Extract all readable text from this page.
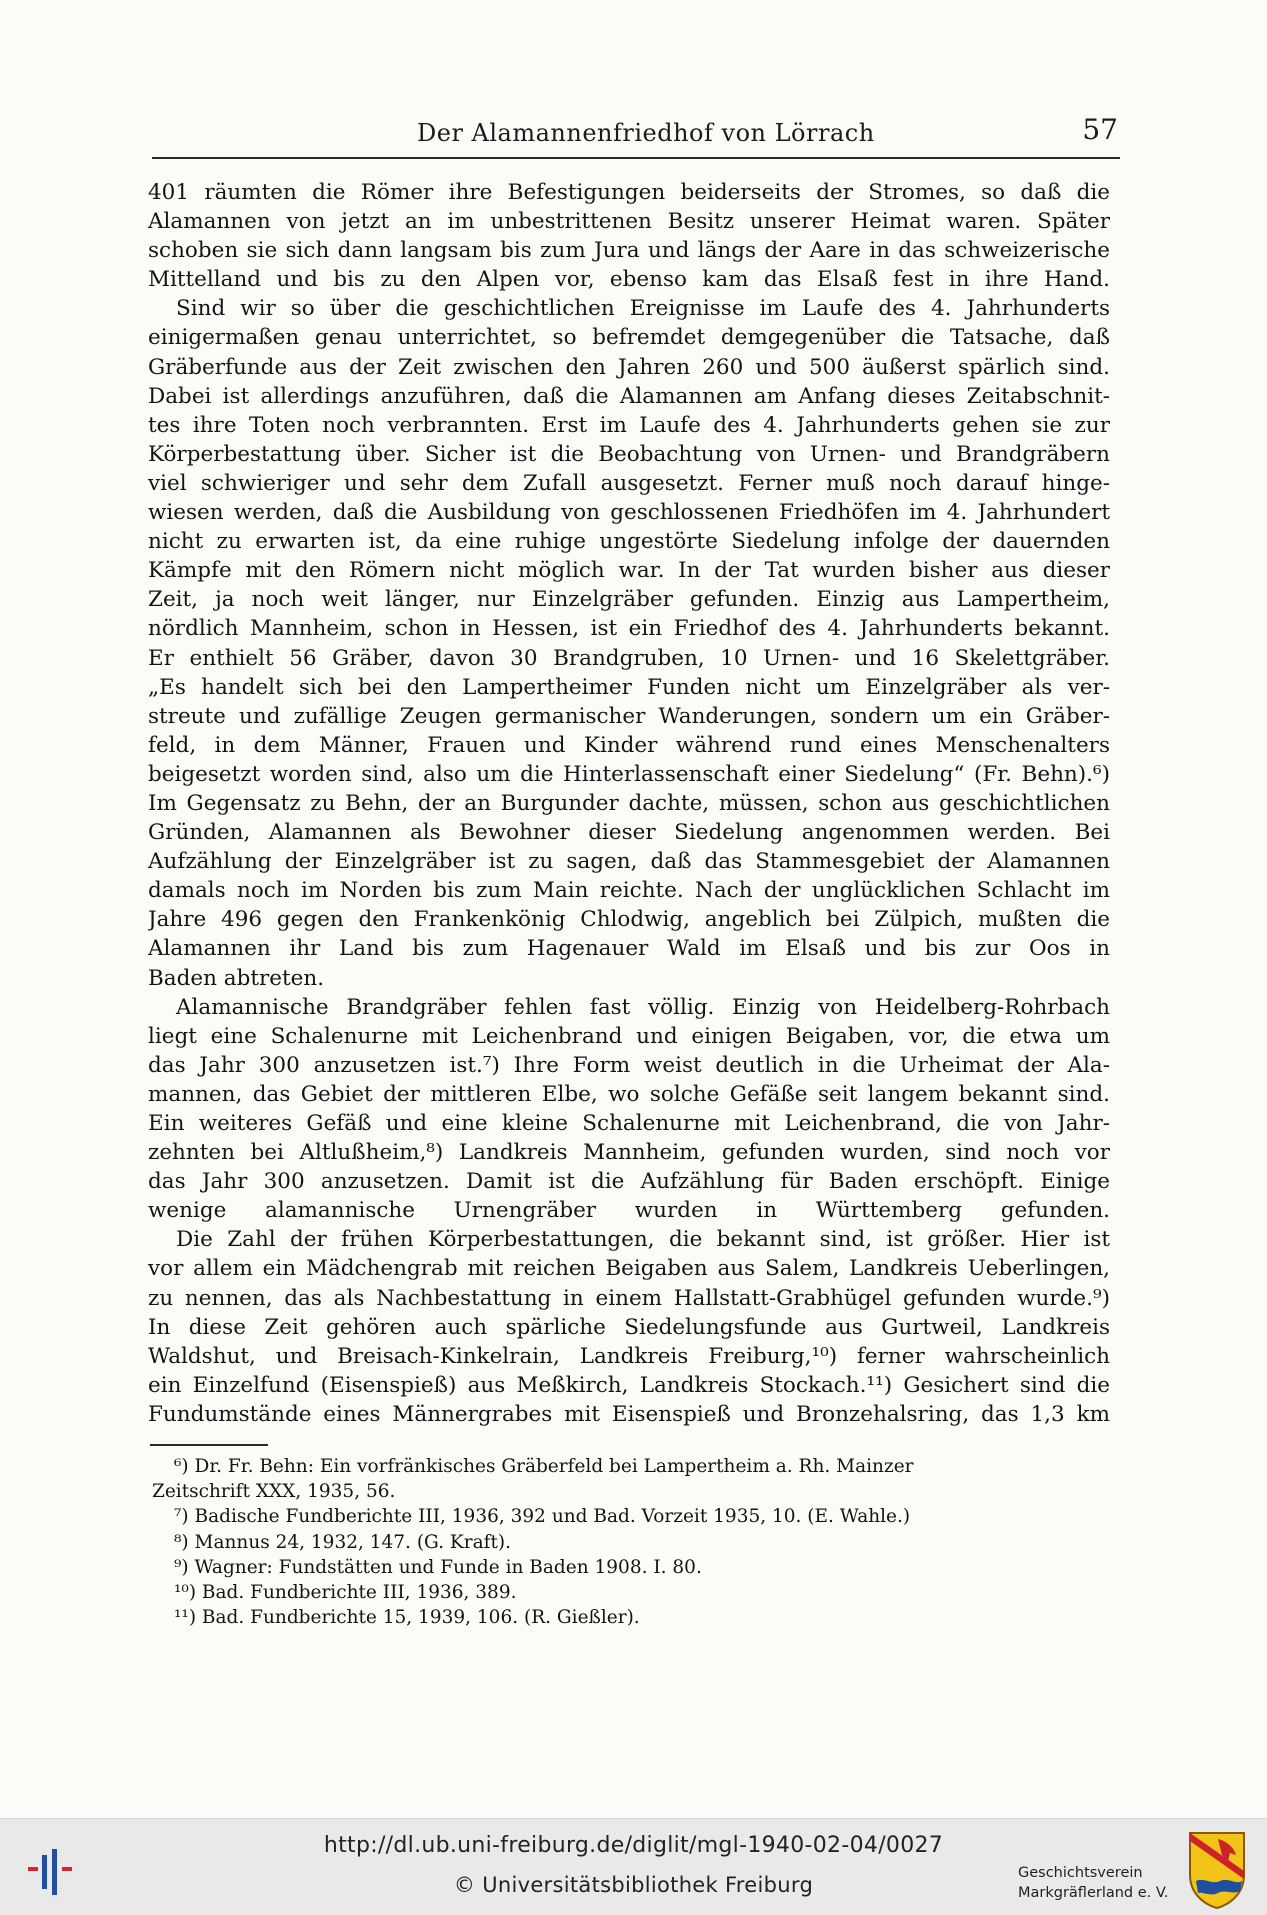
Der Alamannenfriedhof von Lörrach	57
401 räumten die Römer ihre Befestigungen beiderseits der Stromes, so daß die
Alamannen von jetzt an im unbestrittenen Besitz unserer Heimat waren. Später
schoben sie sich dann langsam bis zum Jura und längs der Aare in das schweizerische
Mittelland und bis zu den Alpen vor, ebenso kam das Elsaß fest in ihre Hand.
Sind wir so über die geschichtlichen Ereignisse im Laufe des 4. Jahrhunderts
einigermaßen genau unterrichtet, so befremdet demgegenüber die Tatsache, daß
Gräberfunde aus der Zeit zwischen den Jahren 260 und 500 äußerst spärlich sind.
Dabei ist allerdings anzuführen, daß die Alamannen am Anfang dieses Zeitabschnit-
tes ihre Toten noch verbrannten. Erst im Laufe des 4. Jahrhunderts gehen sie zur
Körperbestattung über. Sicher ist die Beobachtung von Urnen- und Brandgräbern
viel schwieriger und sehr dem Zufall ausgesetzt. Ferner muß noch darauf hinge-
wiesen werden, daß die Ausbildung von geschlossenen Friedhöfen im 4. Jahrhundert
nicht zu erwarten ist, da eine ruhige ungestörte Siedelung infolge der dauernden
Kämpfe mit den Römern nicht möglich war. In der Tat wurden bisher aus dieser
Zeit, ja noch weit länger, nur Einzelgräber gefunden. Einzig aus Lampertheim,
nördlich Mannheim, schon in Hessen, ist ein Friedhof des 4. Jahrhunderts bekannt.
Er enthielt 56 Gräber, davon 30 Brandgruben, 10 Urnen- und 16 Skelettgräber.
„Es handelt sich bei den Lampertheimer Funden nicht um Einzelgräber als ver-
streute und zufällige Zeugen germanischer Wanderungen, sondern um ein Gräber-
feld, in dem Männer, Frauen und Kinder während rund eines Menschenalters
beigesetzt worden sind, also um die Hinterlassenschaft einer Siedelung“ (Fr. Behn).⁶)
Im Gegensatz zu Behn, der an Burgunder dachte, müssen, schon aus geschichtlichen
Gründen, Alamannen als Bewohner dieser Siedelung angenommen werden. Bei
Aufzählung der Einzelgräber ist zu sagen, daß das Stammesgebiet der Alamannen
damals noch im Norden bis zum Main reichte. Nach der unglücklichen Schlacht im
Jahre 496 gegen den Frankenkönig Chlodwig, angeblich bei Zülpich, mußten die
Alamannen ihr Land bis zum Hagenauer Wald im Elsaß und bis zur Oos in
Baden abtreten.
Alamannische Brandgräber fehlen fast völlig. Einzig von Heidelberg-Rohrbach
liegt eine Schalenurne mit Leichenbrand und einigen Beigaben, vor, die etwa um
das Jahr 300 anzusetzen ist.⁷) Ihre Form weist deutlich in die Urheimat der Ala-
mannen, das Gebiet der mittleren Elbe, wo solche Gefäße seit langem bekannt sind.
Ein weiteres Gefäß und eine kleine Schalenurne mit Leichenbrand, die von Jahr-
zehnten bei Altlußheim,⁸) Landkreis Mannheim, gefunden wurden, sind noch vor
das Jahr 300 anzusetzen. Damit ist die Aufzählung für Baden erschöpft. Einige
wenige alamannische Urnengräber wurden in Württemberg gefunden.
Die Zahl der frühen Körperbestattungen, die bekannt sind, ist größer. Hier ist
vor allem ein Mädchengrab mit reichen Beigaben aus Salem, Landkreis Ueberlingen,
zu nennen, das als Nachbestattung in einem Hallstatt-Grabhügel gefunden wurde.⁹)
In diese Zeit gehören auch spärliche Siedelungsfunde aus Gurtweil, Landkreis
Waldshut, und Breisach-Kinkelrain, Landkreis Freiburg,¹⁰) ferner wahrscheinlich
ein Einzelfund (Eisenspieß) aus Meßkirch, Landkreis Stockach.¹¹) Gesichert sind die
Fundumstände eines Männergrabes mit Eisenspieß und Bronzehalsring, das 1,3 km
⁶) Dr. Fr. Behn: Ein vorfränkisches Gräberfeld bei Lampertheim a. Rh. Mainzer
Zeitschrift XXX, 1935, 56.
⁷) Badische Fundberichte III, 1936, 392 und Bad. Vorzeit 1935, 10. (E. Wahle.)
⁸) Mannus 24, 1932, 147. (G. Kraft).
⁹) Wagner: Fundstätten und Funde in Baden 1908. I. 80.
¹⁰) Bad. Fundberichte III, 1936, 389.
¹¹) Bad. Fundberichte 15, 1939, 106. (R. Gießler).
http://dl.ub.uni-freiburg.de/diglit/mgl-1940-02-04/0027
© Universitätsbibliothek Freiburg	Geschichtsverein
Markgräflerland e. V.
